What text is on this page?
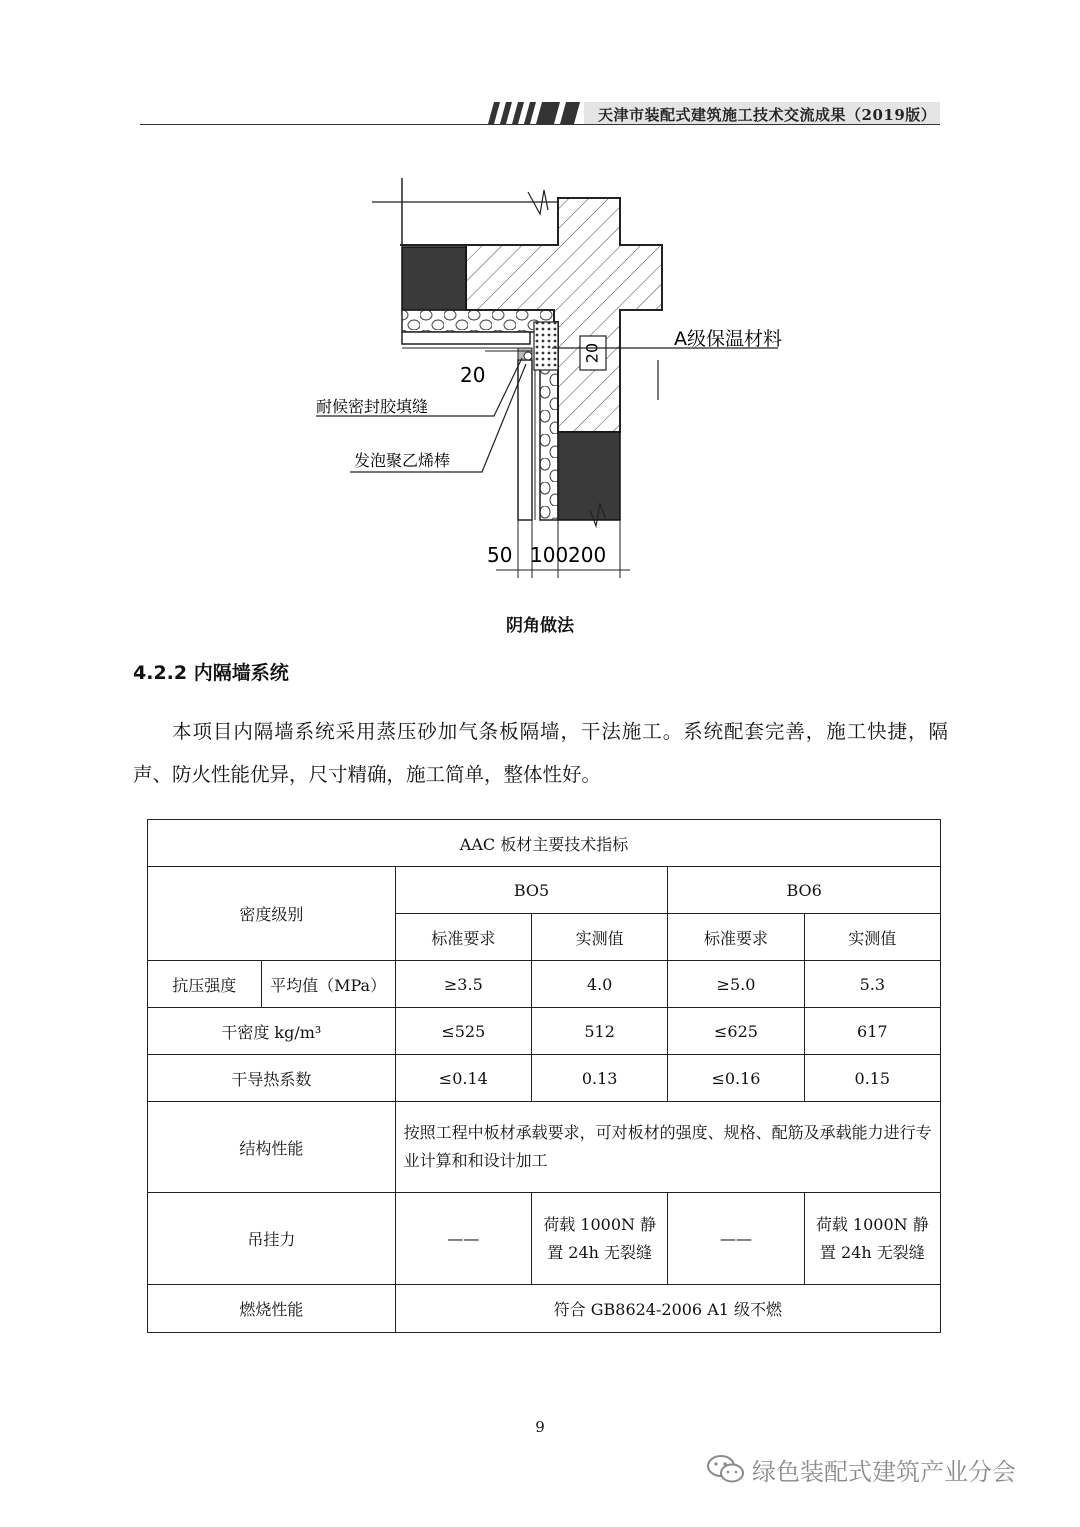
天津市装配式建筑施工技术交流成果（2019版）
20
A级保温材料
20
耐候密封胶填缝
发泡聚乙烯棒
50 100 200
阴角做法
4.2.2 内隔墙系统
本项目内隔墙系统采用蒸压砂加气条板隔墙，干法施工。系统配套完善，施工快捷，隔声、防火性能优异，尺寸精确，施工简单，整体性好。
AAC 板材主要技术指标					
密度级别		BO5		BO6	
		标准要求	实测值	标准要求	实测值
抗压强度	平均值（MPa）	≥3.5	4.0	≥5.0	5.3
干密度 kg/m³		≤525	512	≤625	617
干导热系数		≤0.14	0.13	≤0.16	0.15
结构性能		按照工程中板材承载要求，可对板材的强度、规格、配筋及承载能力进行专业计算和和设计加工			
吊挂力		——	荷载 1000N 静置 24h 无裂缝	——	荷载 1000N 静置 24h 无裂缝
燃烧性能		符合 GB8624-2006 A1 级不燃			
9
绿色装配式建筑产业分会
